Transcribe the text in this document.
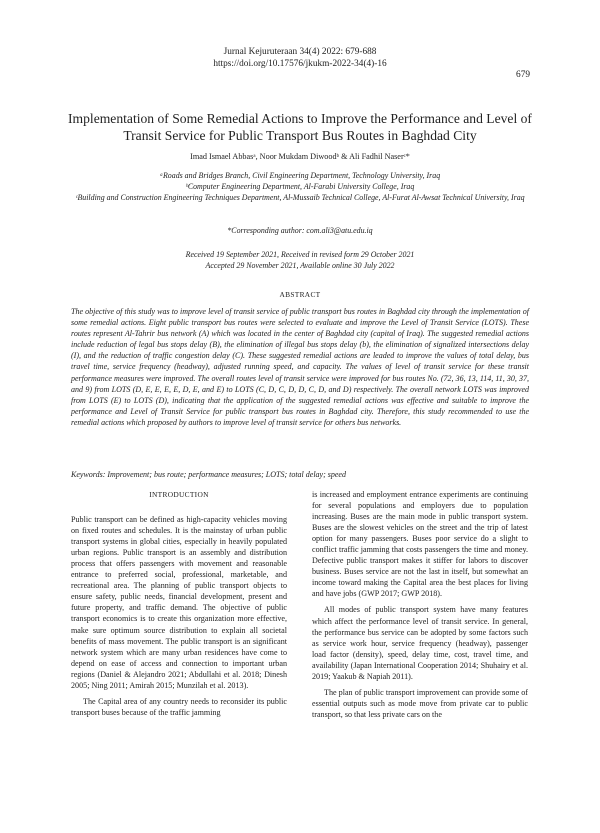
Jurnal Kejuruteraan 34(4) 2022: 679-688
https://doi.org/10.17576/jkukm-2022-34(4)-16
679
Implementation of Some Remedial Actions to Improve the Performance and Level of Transit Service for Public Transport Bus Routes in Baghdad City
Imad Ismael Abbasᵃ, Noor Mukdam Diwoodᵇ & Ali Fadhil Naserᶜ*
ᵃRoads and Bridges Branch, Civil Engineering Department, Technology University, Iraq
ᵇComputer Engineering Department, Al-Farabi University College, Iraq
ᶜBuilding and Construction Engineering Techniques Department, Al-Mussaib Technical College, Al-Furat Al-Awsat Technical University, Iraq
*Corresponding author: com.ali3@atu.edu.iq
Received 19 September 2021, Received in revised form 29 October 2021
Accepted 29 November 2021, Available online 30 July 2022
ABSTRACT
The objective of this study was to improve level of transit service of public transport bus routes in Baghdad city through the implementation of some remedial actions. Eight public transport bus routes were selected to evaluate and improve the Level of Transit Service (LOTS). These routes represent Al-Tahrir bus network (A) which was located in the center of Baghdad city (capital of Iraq). The suggested remedial actions include reduction of legal bus stops delay (B), the elimination of illegal bus stops delay (b), the elimination of signalized intersections delay (I), and the reduction of traffic congestion delay (C). These suggested remedial actions are leaded to improve the values of total delay, bus travel time, service frequency (headway), adjusted running speed, and capacity. The values of level of transit service for these transit performance measures were improved. The overall routes level of transit service were improved for bus routes No. (72, 36, 13, 114, 11, 30, 37, and 9) from LOTS (D, E, E, E, E, D, E, and E) to LOTS (C, D, C, D, D, C, D, and D) respectively. The overall network LOTS was improved from LOTS (E) to LOTS (D), indicating that the application of the suggested remedial actions was effective and suitable to improve the performance and Level of Transit Service for public transport bus routes in Baghdad city. Therefore, this study recommended to use the remedial actions which proposed by authors to improve level of transit service for others bus networks.
Keywords: Improvement; bus route; performance measures; LOTS; total delay; speed

INTRODUCTION

Public transport can be defined as high-capacity vehicles moving on fixed routes and schedules. It is the mainstay of urban public transport systems in global cities, especially in heavily populated urban regions. Public transport is an assembly and distribution process that offers passengers with movement and reasonable entrance to preferred social, professional, marketable, and recreational area. The planning of public transport objects to ensure safety, public needs, financial development, present and future property, and traffic demand. The objective of public transport economics is to create this organization more effective, make sure optimum source distribution to explain all societal benefits of mass movement. The public transport is an significant network system which are many urban residences have come to depend on ease of access and connection to important urban regions (Daniel & Alejandro 2021; Abdullahi et al. 2018; Dinesh 2005; Ning 2011; Amirah 2015; Munzilah et al. 2013).

The Capital area of any country needs to reconsider its public transport buses because of the traffic jamming

is increased and employment entrance experiments are continuing for several populations and employers due to population increasing. Buses are the main mode in public transport system. Buses are the slowest vehicles on the street and the trip of latest option for many passengers. Buses poor service do a slight to conflict traffic jamming that costs passengers the time and money. Defective public transport makes it stiffer for labors to discover business. Buses service are not the last in itself, but somewhat an income toward making the Capital area the best places for living and have jobs (GWP 2017; GWP 2018).

All modes of public transport system have many features which affect the performance level of transit service. In general, the performance bus service can be adopted by some factors such as service work hour, service frequency (headway), passenger load factor (density), speed, delay time, cost, travel time, and availability (Japan International Cooperation 2014; Shuhairy et al. 2019; Yaakub & Napiah 2011).

The plan of public transport improvement can provide some of essential outputs such as mode move from private car to public transport, so that less private cars on the
